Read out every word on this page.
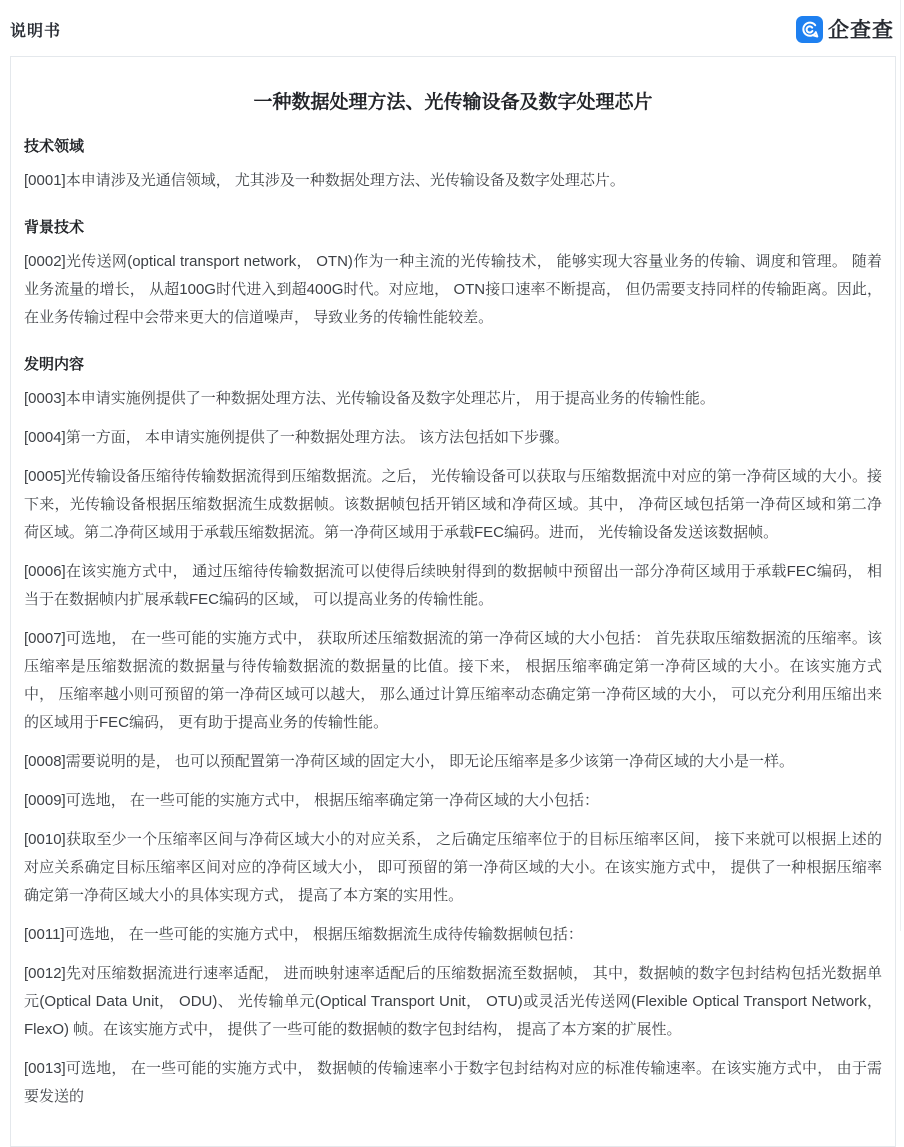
说明书	企查查
一种数据处理方法、光传输设备及数字处理芯片
技术领域

[0001]本申请涉及光通信领域， 尤其涉及一种数据处理方法、光传输设备及数字处理芯片。

背景技术

[0002]光传送网(optical transport network， OTN)作为一种主流的光传输技术， 能够实现大容量业务的传输、调度和管理。 随着业务流量的增长， 从超100G时代进入到超400G时代。对应地， OTN接口速率不断提高， 但仍需要支持同样的传输距离。因此， 在业务传输过程中会带来更大的信道噪声， 导致业务的传输性能较差。

发明内容

[0003]本申请实施例提供了一种数据处理方法、光传输设备及数字处理芯片， 用于提高业务的传输性能。

[0004]第一方面， 本申请实施例提供了一种数据处理方法。 该方法包括如下步骤。

[0005]光传输设备压缩待传输数据流得到压缩数据流。之后， 光传输设备可以获取与压缩数据流中对应的第一净荷区域的大小。接下来，光传输设备根据压缩数据流生成数据帧。该数据帧包括开销区域和净荷区域。其中， 净荷区域包括第一净荷区域和第二净荷区域。第二净荷区域用于承载压缩数据流。第一净荷区域用于承载FEC编码。进而， 光传输设备发送该数据帧。

[0006]在该实施方式中， 通过压缩待传输数据流可以使得后续映射得到的数据帧中预留出一部分净荷区域用于承载FEC编码， 相当于在数据帧内扩展承载FEC编码的区域， 可以提高业务的传输性能。

[0007]可选地， 在一些可能的实施方式中， 获取所述压缩数据流的第一净荷区域的大小包括： 首先获取压缩数据流的压缩率。该压缩率是压缩数据流的数据量与待传输数据流的数据量的比值。接下来， 根据压缩率确定第一净荷区域的大小。在该实施方式中， 压缩率越小则可预留的第一净荷区域可以越大， 那么通过计算压缩率动态确定第一净荷区域的大小， 可以充分利用压缩出来的区域用于FEC编码， 更有助于提高业务的传输性能。

[0008]需要说明的是， 也可以预配置第一净荷区域的固定大小， 即无论压缩率是多少该第一净荷区域的大小是一样。

[0009]可选地， 在一些可能的实施方式中， 根据压缩率确定第一净荷区域的大小包括：

[0010]获取至少一个压缩率区间与净荷区域大小的对应关系， 之后确定压缩率位于的目标压缩率区间， 接下来就可以根据上述的对应关系确定目标压缩率区间对应的净荷区域大小， 即可预留的第一净荷区域的大小。在该实施方式中， 提供了一种根据压缩率确定第一净荷区域大小的具体实现方式， 提高了本方案的实用性。

[0011]可选地， 在一些可能的实施方式中， 根据压缩数据流生成待传输数据帧包括：

[0012]先对压缩数据流进行速率适配， 进而映射速率适配后的压缩数据流至数据帧， 其中，数据帧的数字包封结构包括光数据单元(Optical Data Unit， ODU)、 光传输单元(Optical Transport Unit， OTU)或灵活光传送网(Flexible Optical Transport Network， FlexO) 帧。在该实施方式中， 提供了一些可能的数据帧的数字包封结构， 提高了本方案的扩展性。

[0013]可选地， 在一些可能的实施方式中， 数据帧的传输速率小于数字包封结构对应的标准传输速率。在该实施方式中， 由于需要发送的
